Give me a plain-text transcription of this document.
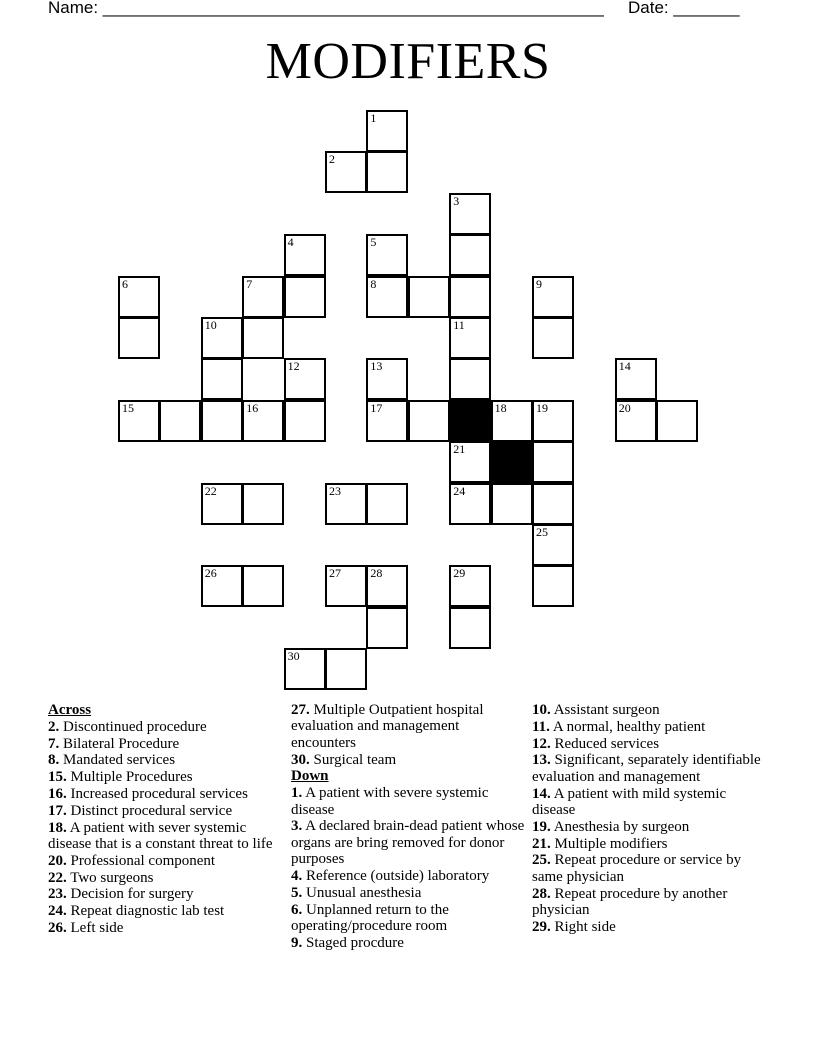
Name: _____________________________________________________ Date: _______
MODIFIERS
1
2
3
4	5
6	7	8	9
10	11
12	13	14
15	16	17	18 19	20
21
22	23	24
25
26	27 28	29
30
Across
2. Discontinued procedure
7. Bilateral Procedure
8. Mandated services
15. Multiple Procedures
16. Increased procedural services
17. Distinct procedural service
18. A patient with sever systemic disease that is a constant threat to life
20. Professional component
22. Two surgeons
23. Decision for surgery
24. Repeat diagnostic lab test
26. Left side
27. Multiple Outpatient hospital evaluation and management encounters
30. Surgical team
Down
1. A patient with severe systemic disease
3. A declared brain-dead patient whose organs are bring removed for donor purposes
4. Reference (outside) laboratory
5. Unusual anesthesia
6. Unplanned return to the operating/procedure room
9. Staged procdure
10. Assistant surgeon
11. A normal, healthy patient
12. Reduced services
13. Significant, separately identifiable evaluation and management
14. A patient with mild systemic disease
19. Anesthesia by surgeon
21. Multiple modifiers
25. Repeat procedure or service by same physician
28. Repeat procedure by another physician
29. Right side
